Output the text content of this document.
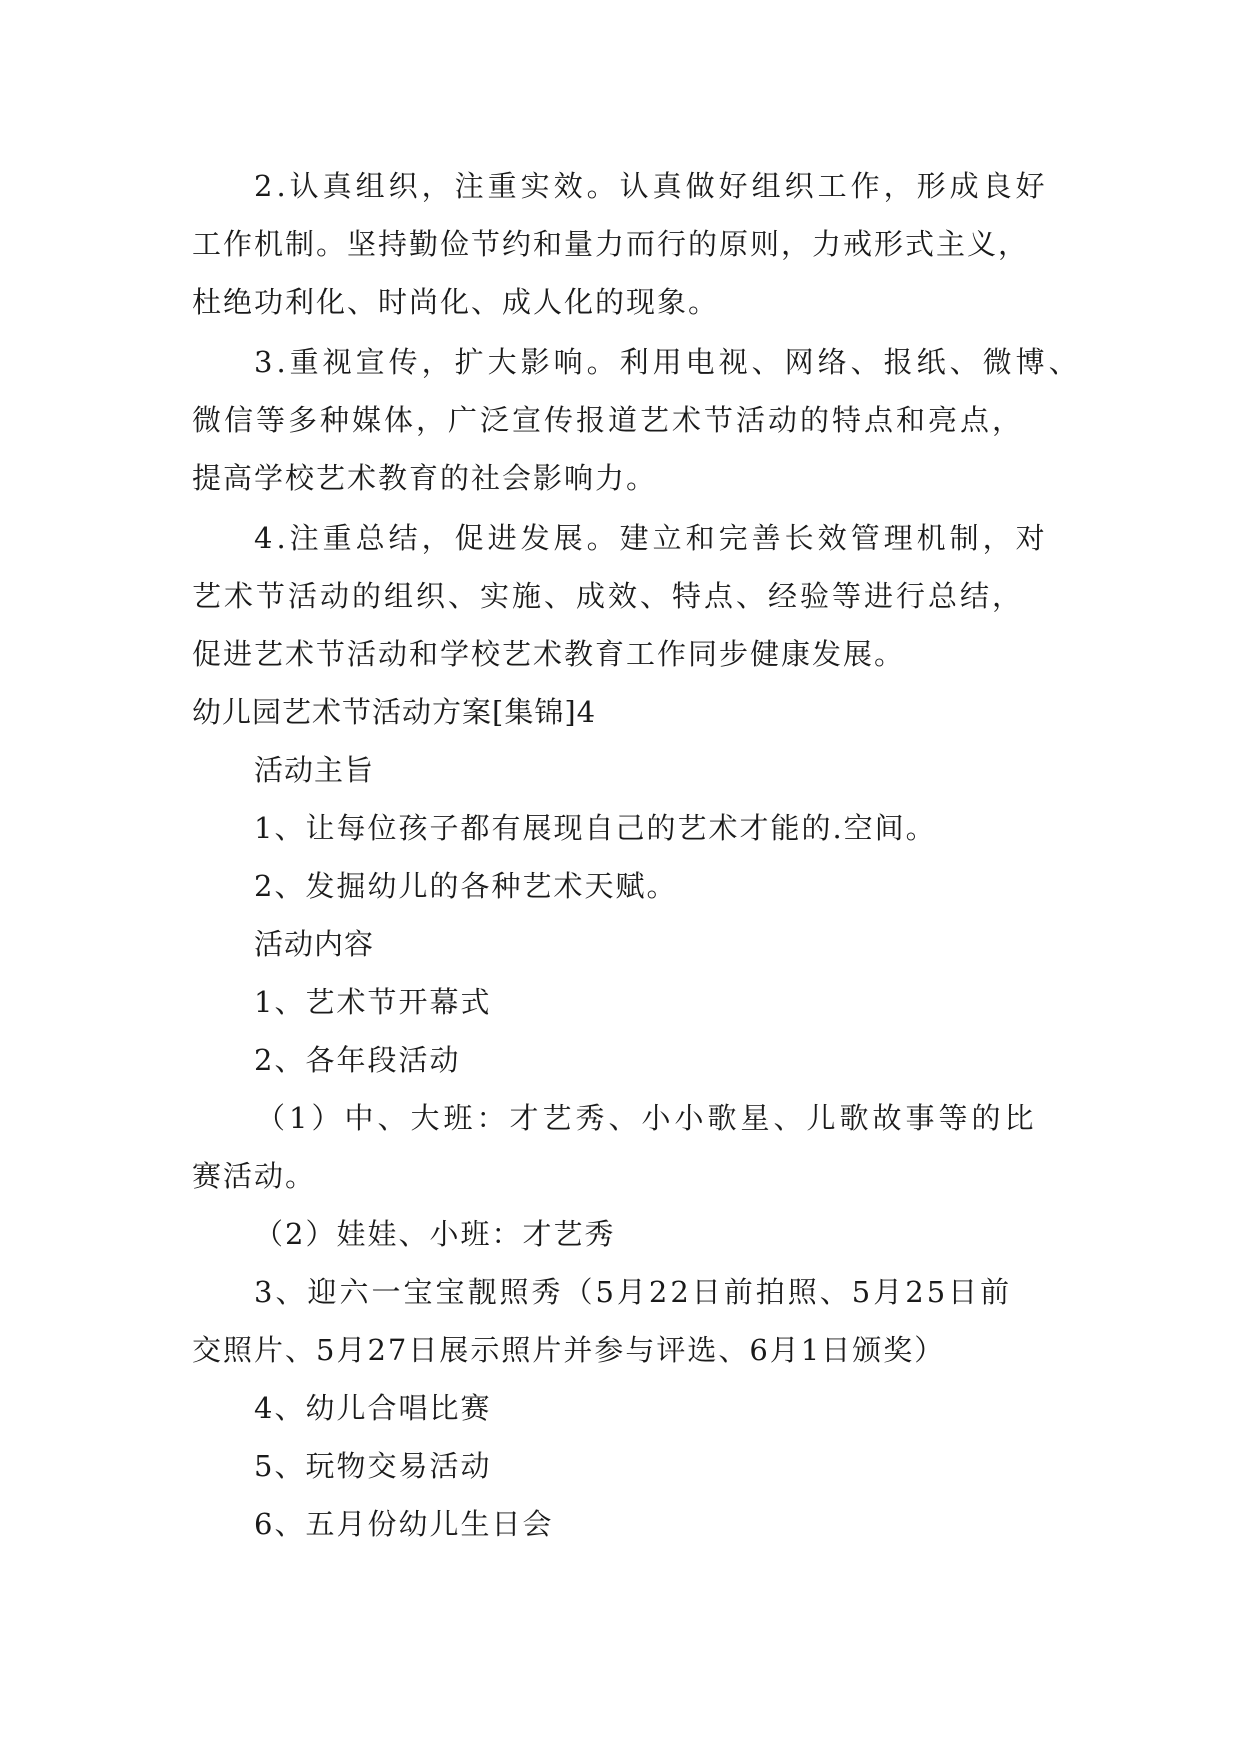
2.认真组织，注重实效。认真做好组织工作，形成良好
工作机制。坚持勤俭节约和量力而行的原则，力戒形式主义，
杜绝功利化、时尚化、成人化的现象。
3.重视宣传，扩大影响。利用电视、网络、报纸、微博、
微信等多种媒体，广泛宣传报道艺术节活动的特点和亮点，
提高学校艺术教育的社会影响力。
4.注重总结，促进发展。建立和完善长效管理机制，对
艺术节活动的组织、实施、成效、特点、经验等进行总结，
促进艺术节活动和学校艺术教育工作同步健康发展。
幼儿园艺术节活动方案[集锦]4
活动主旨
1、让每位孩子都有展现自己的艺术才能的.空间。
2、发掘幼儿的各种艺术天赋。
活动内容
1、艺术节开幕式
2、各年段活动
（1）中、大班：才艺秀、小小歌星、儿歌故事等的比
赛活动。
（2）娃娃、小班：才艺秀
3、迎六一宝宝靓照秀（5月22日前拍照、5月25日前
交照片、5月27日展示照片并参与评选、6月1日颁奖）
4、幼儿合唱比赛
5、玩物交易活动
6、五月份幼儿生日会
